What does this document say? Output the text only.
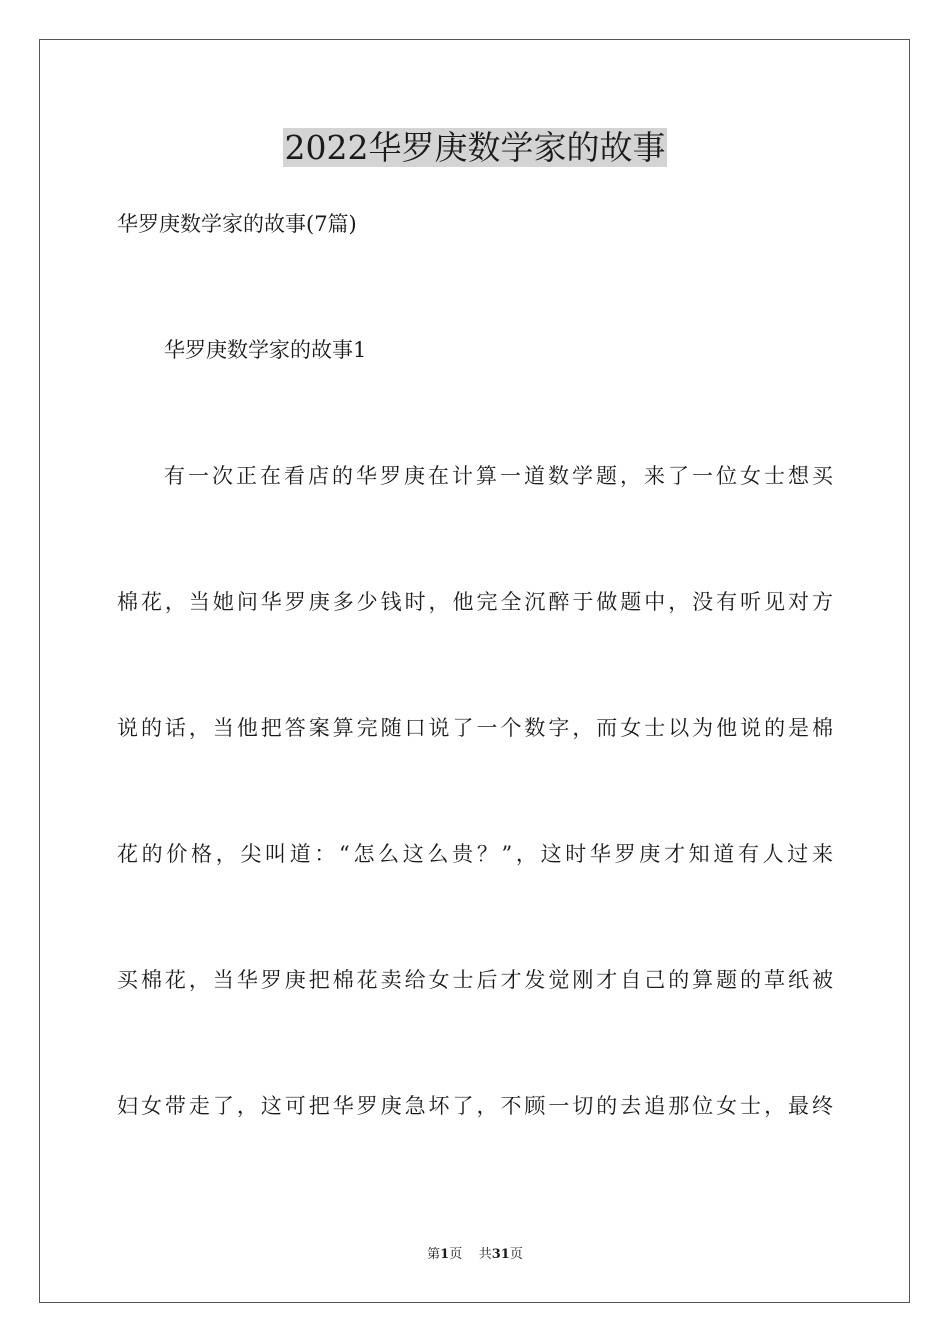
2022华罗庚数学家的故事
华罗庚数学家的故事(7篇)
华罗庚数学家的故事1
有一次正在看店的华罗庚在计算一道数学题，来了一位女士想买
棉花，当她问华罗庚多少钱时，他完全沉醉于做题中，没有听见对方
说的话，当他把答案算完随口说了一个数字，而女士以为他说的是棉
花的价格，尖叫道：“怎么这么贵？”，这时华罗庚才知道有人过来
买棉花，当华罗庚把棉花卖给女士后才发觉刚才自己的算题的草纸被
妇女带走了，这可把华罗庚急坏了，不顾一切的去追那位女士，最终
第1页 共31页
